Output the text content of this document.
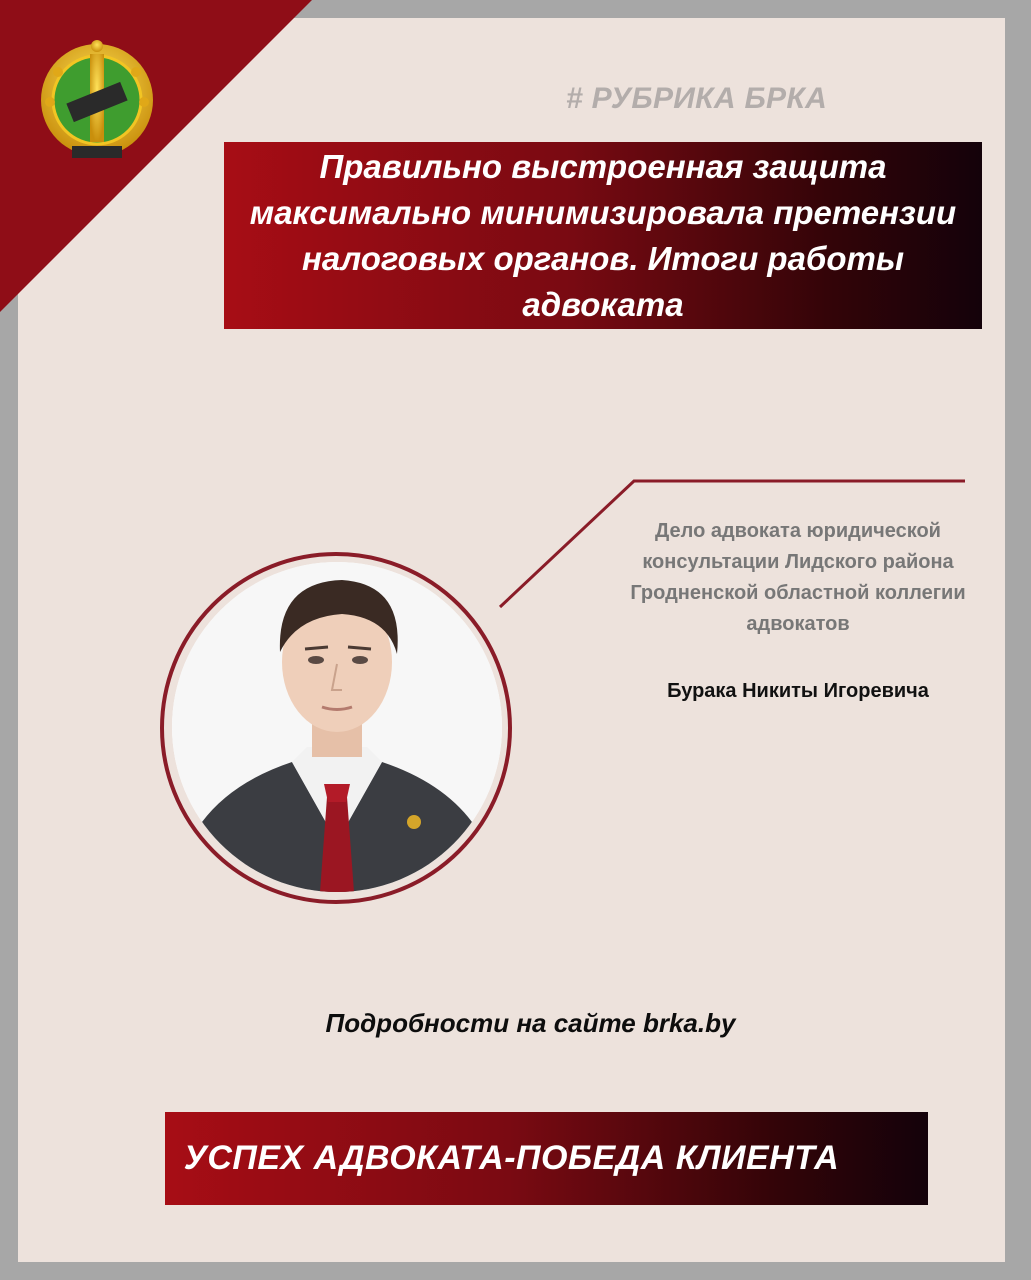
# РУБРИКА БРКА

Правильно выстроенная защита
максимально минимизировала претензии
налоговых органов. Итоги работы адвоката

Дело адвоката юридической
консультации Лидского района
Гродненской областной коллегии
адвокатов
Бурака Никиты Игоревича
Подробности на сайте brka.by
УСПЕХ АДВОКАТА-ПОБЕДА КЛИЕНТА
